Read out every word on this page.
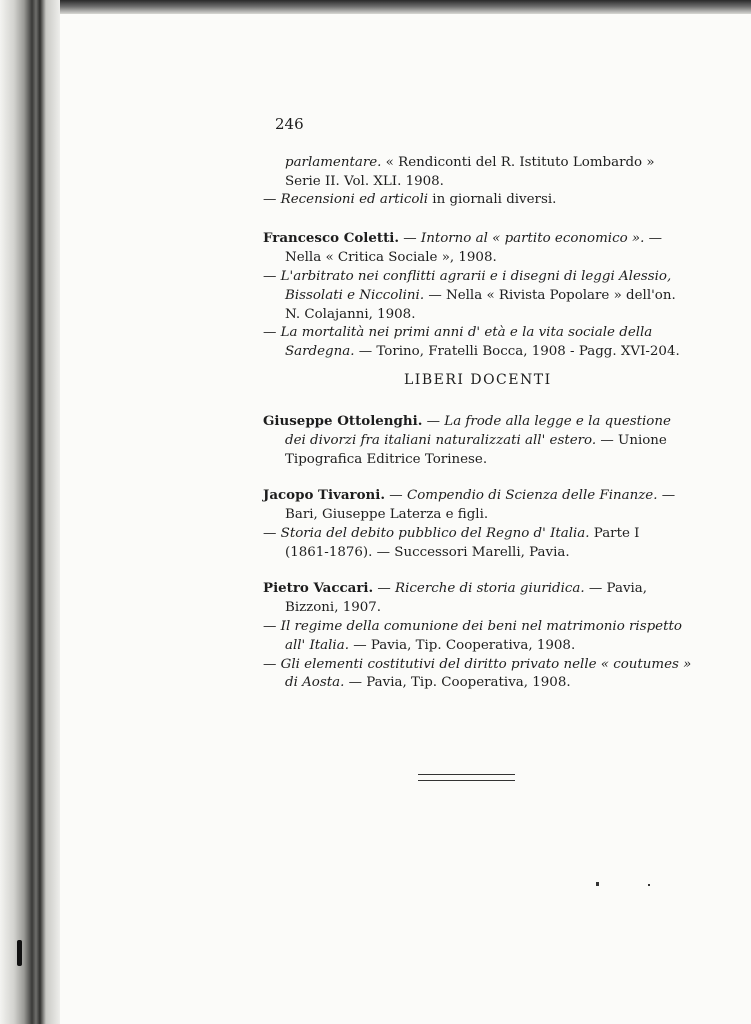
246
parlamentare. « Rendiconti del R. Istituto Lombardo »
Serie II. Vol. XLI. 1908.
— Recensioni ed articoli in giornali diversi.
Francesco Coletti. — Intorno al « partito economico ». —
Nella « Critica Sociale », 1908.
— L'arbitrato nei conflitti agrarii e i disegni di leggi Alessio,
Bissolati e Niccolini. — Nella « Rivista Popolare » dell'on.
N. Colajanni, 1908.
— La mortalità nei primi anni d' età e la vita sociale della
Sardegna. — Torino, Fratelli Bocca, 1908 - Pagg. XVI-204.
LIBERI DOCENTI
Giuseppe Ottolenghi. — La frode alla legge e la questione
dei divorzi fra italiani naturalizzati all' estero. — Unione
Tipografica Editrice Torinese.
Jacopo Tivaroni. — Compendio di Scienza delle Finanze. —
Bari, Giuseppe Laterza e figli.
— Storia del debito pubblico del Regno d' Italia. Parte I
(1861-1876). — Successori Marelli, Pavia.
Pietro Vaccari. — Ricerche di storia giuridica. — Pavia,
Bizzoni, 1907.
— Il regime della comunione dei beni nel matrimonio rispetto
all' Italia. — Pavia, Tip. Cooperativa, 1908.
— Gli elementi costitutivi del diritto privato nelle « coutumes »
di Aosta. — Pavia, Tip. Cooperativa, 1908.
